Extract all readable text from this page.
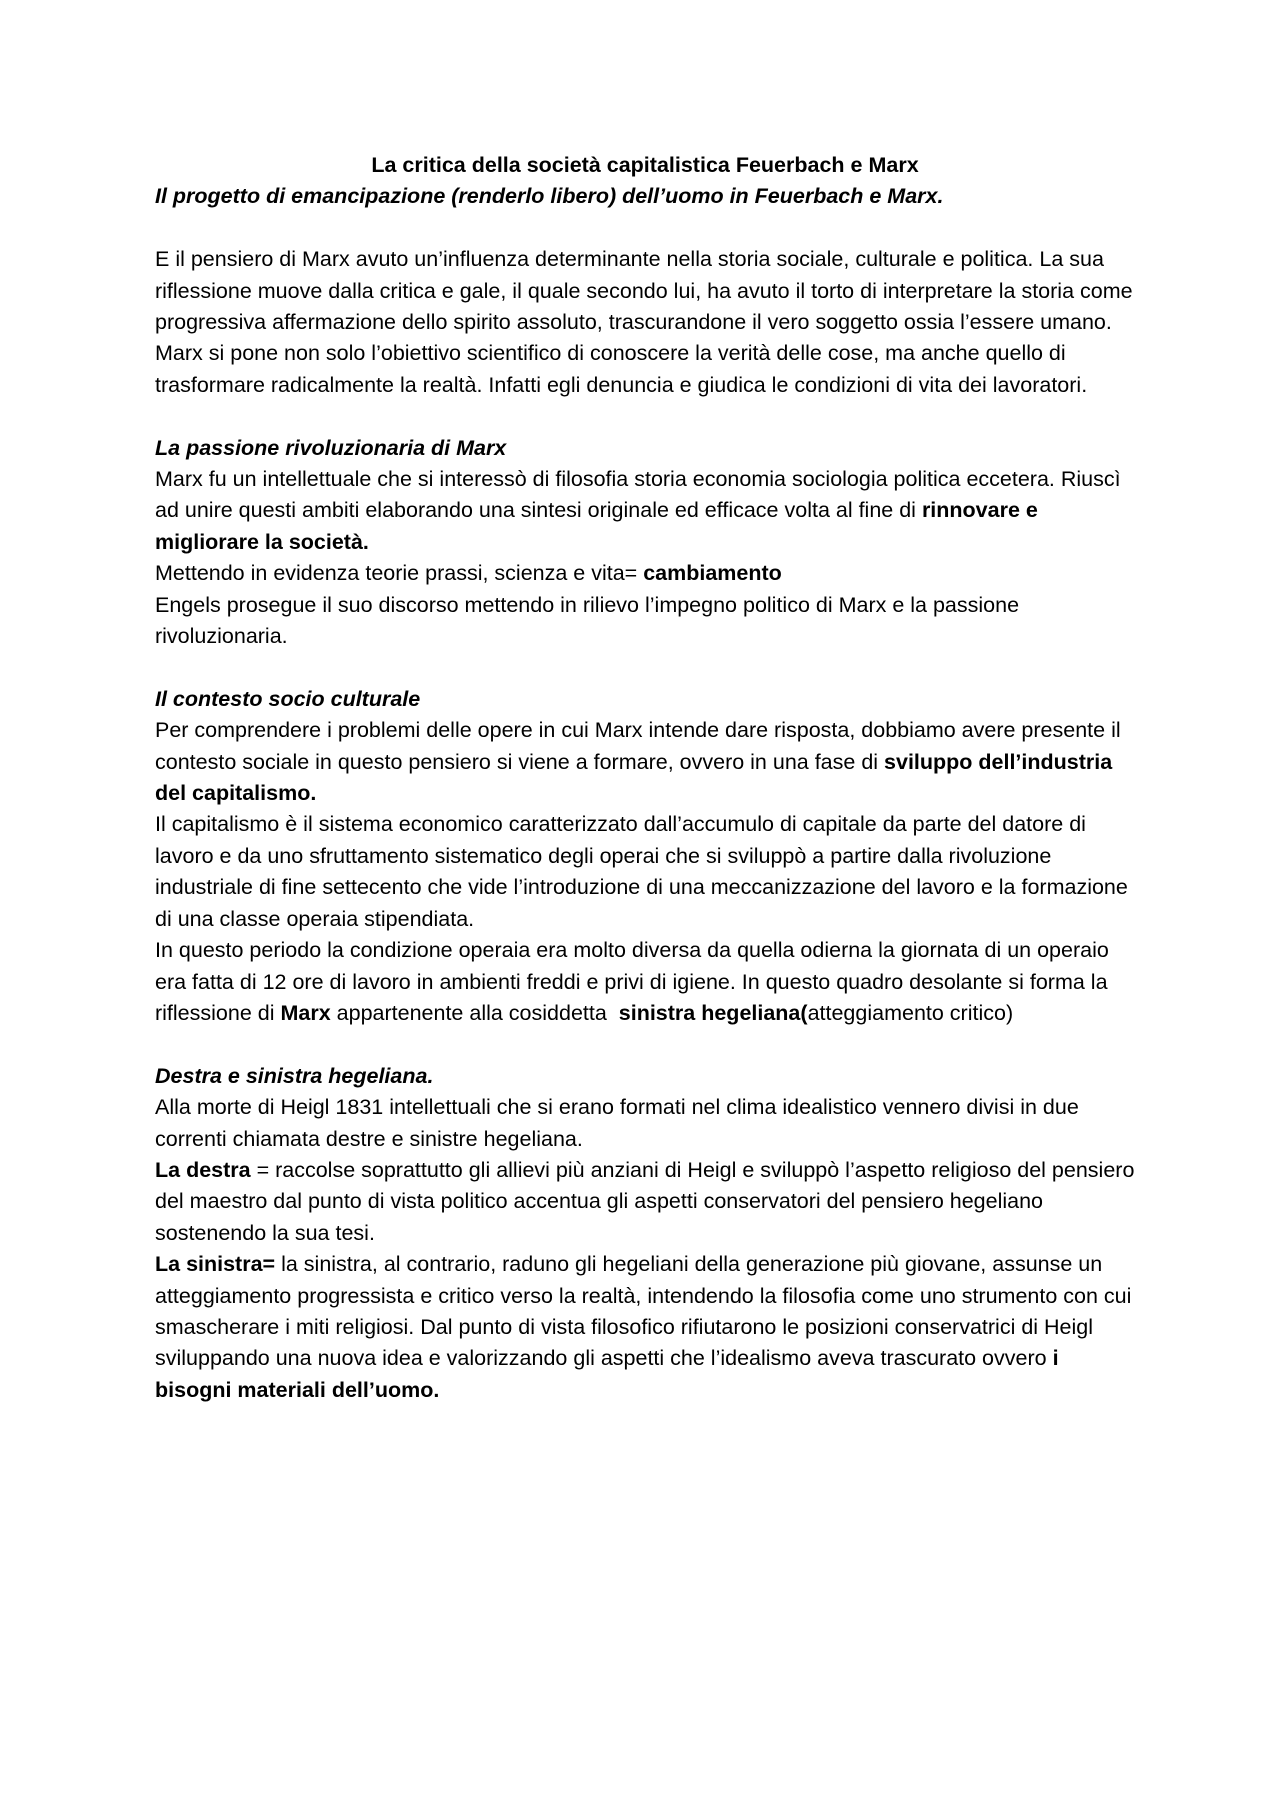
La critica della società capitalistica Feuerbach e Marx

Il progetto di emancipazione (renderlo libero) dell’uomo in Feuerbach e Marx.

E il pensiero di Marx avuto un’influenza determinante nella storia sociale, culturale e politica. La sua riflessione muove dalla critica e gale, il quale secondo lui, ha avuto il torto di interpretare la storia come progressiva affermazione dello spirito assoluto, trascurandone il vero soggetto ossia l’essere umano.

Marx si pone non solo l’obiettivo scientifico di conoscere la verità delle cose, ma anche quello di trasformare radicalmente la realtà. Infatti egli denuncia e giudica le condizioni di vita dei lavoratori.

La passione rivoluzionaria di Marx

Marx fu un intellettuale che si interessò di filosofia storia economia sociologia politica eccetera. Riuscì ad unire questi ambiti elaborando una sintesi originale ed efficace volta al fine di rinnovare e migliorare la società.

Mettendo in evidenza teorie prassi, scienza e vita= cambiamento

Engels prosegue il suo discorso mettendo in rilievo l’impegno politico di Marx e la passione rivoluzionaria.

Il contesto socio culturale

Per comprendere i problemi delle opere in cui Marx intende dare risposta, dobbiamo avere presente il contesto sociale in questo pensiero si viene a formare, ovvero in una fase di sviluppo dell’industria del capitalismo.

Il capitalismo è il sistema economico caratterizzato dall’accumulo di capitale da parte del datore di lavoro e da uno sfruttamento sistematico degli operai che si sviluppò a partire dalla rivoluzione industriale di fine settecento che vide l’introduzione di una meccanizzazione del lavoro e la formazione di una classe operaia stipendiata.

In questo periodo la condizione operaia era molto diversa da quella odierna la giornata di un operaio era fatta di 12 ore di lavoro in ambienti freddi e privi di igiene. In questo quadro desolante si forma la riflessione di Marx appartenente alla cosiddetta  sinistra hegeliana(atteggiamento critico)

Destra e sinistra hegeliana.

Alla morte di Heigl 1831 intellettuali che si erano formati nel clima idealistico vennero divisi in due correnti chiamata destre e sinistre hegeliana.

La destra = raccolse soprattutto gli allievi più anziani di Heigl e sviluppò l’aspetto religioso del pensiero del maestro dal punto di vista politico accentua gli aspetti conservatori del pensiero hegeliano sostenendo la sua tesi.

La sinistra= la sinistra, al contrario, raduno gli hegeliani della generazione più giovane, assunse un atteggiamento progressista e critico verso la realtà, intendendo la filosofia come uno strumento con cui smascherare i miti religiosi. Dal punto di vista filosofico rifiutarono le posizioni conservatrici di Heigl sviluppando una nuova idea e valorizzando gli aspetti che l’idealismo aveva trascurato ovvero i bisogni materiali dell’uomo.
